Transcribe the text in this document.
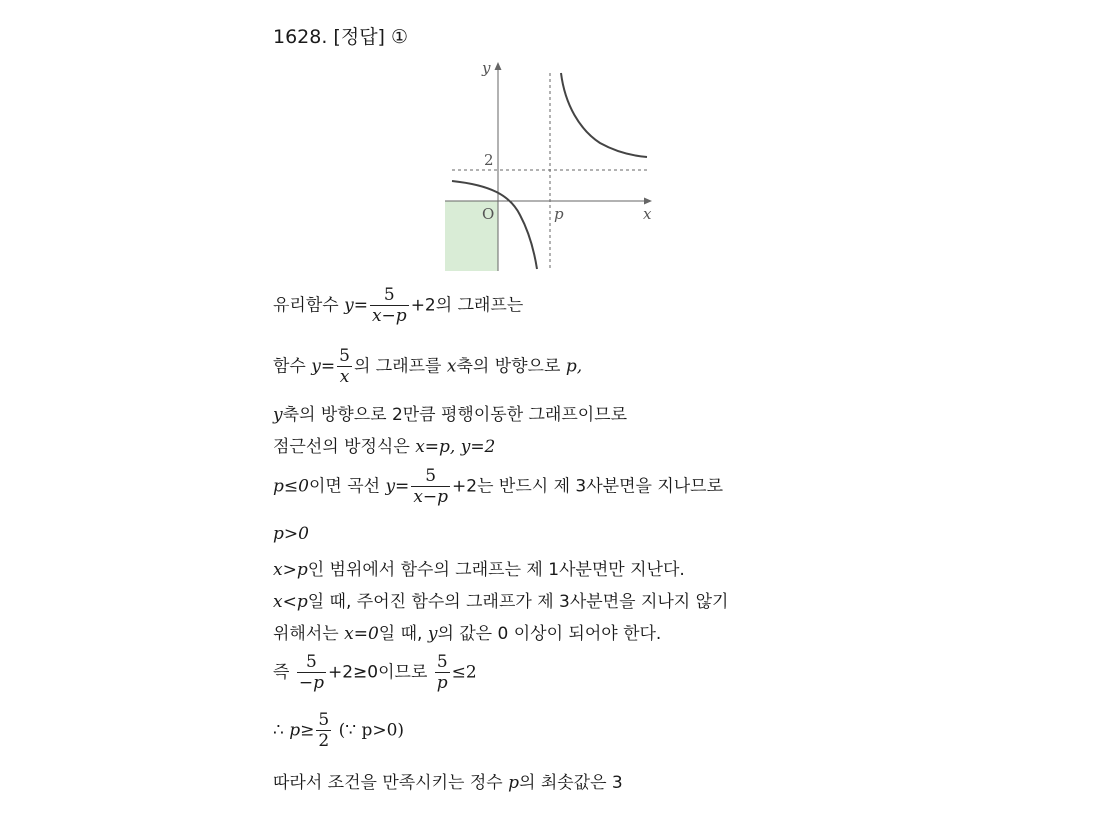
1628. [정답] ①
y
x
O
2
p
유리함수 $y= \frac{5}{x-p} +2$의 그래프는
함수 $y= \frac{5}{x}$ 의 그래프를 x축의 방향으로 p,
y축의 방향으로 2만큼 평행이동한 그래프이므로
점근선의 방정식은 x=p, y=2
p≤0이면 곡선 $y= \frac{5}{x-p} +2$는 반드시 제 3사분면을 지나므로
p>0
x>p인 범위에서 함수의 그래프는 제 1사분면만 지난다.
x<p일 때, 주어진 함수의 그래프가 제 3사분면을 지나지 않기
위해서는 x=0일 때, y의 값은 0 이상이 되어야 한다.
즉 $\frac{5}{-p} +2\ge 0$이므로 $\frac{5}{p} \le 2$
∴ $p\ge \frac{5}{2}$ (∵ p>0)
따라서 조건을 만족시키는 정수 p의 최솟값은 3
